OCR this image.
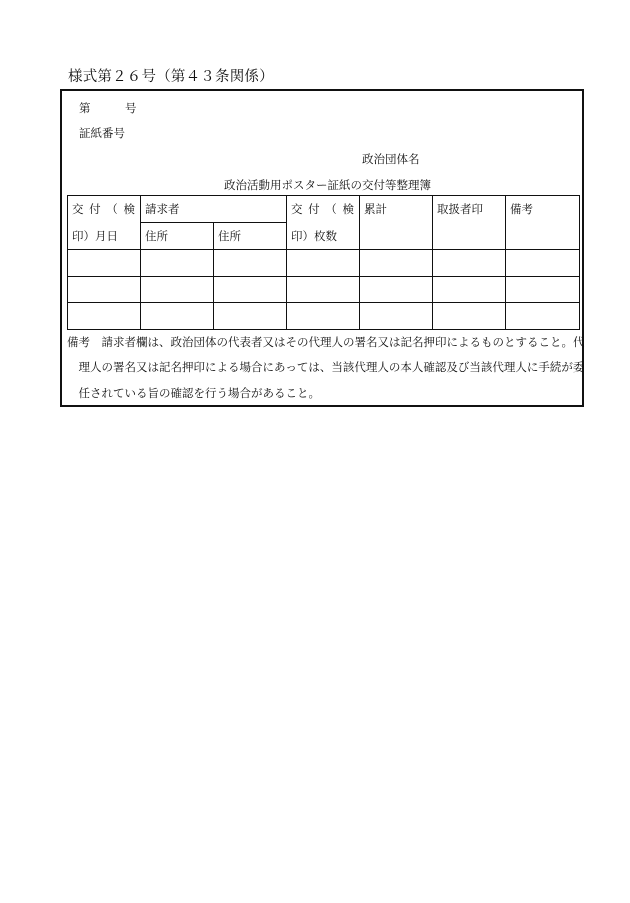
様式第２６号（第４３条関係）
第　　　号
証紙番号
政治団体名
政治活動用ポスター証紙の交付等整理簿
交 付 （ 検	請求者		交 付 （ 検	累計	取扱者印	備考
印）月日	住所	住所	印）枚数			

備考　請求者欄は、政治団体の代表者又はその代理人の署名又は記名押印によるものとすること。代
　理人の署名又は記名押印による場合にあっては、当該代理人の本人確認及び当該代理人に手続が委
　任されている旨の確認を行う場合があること。
